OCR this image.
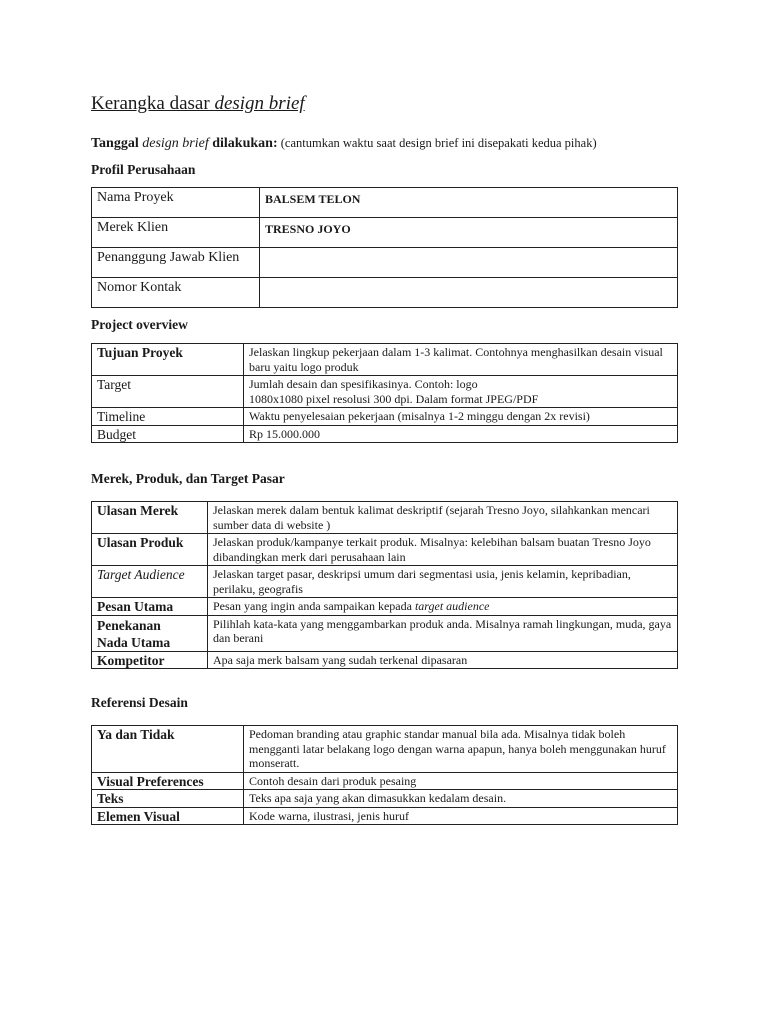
Kerangka dasar design brief
Tanggal design brief dilakukan: (cantumkan waktu saat design brief ini disepakati kedua pihak)
Profil Perusahaan
Nama Proyek	BALSEM TELON
Merek Klien	TRESNO JOYO
Penanggung Jawab Klien	
Nomor Kontak	
Project overview
Tujuan Proyek	Jelaskan lingkup pekerjaan dalam 1-3 kalimat. Contohnya menghasilkan desain visual baru yaitu logo produk
Target	Jumlah desain dan spesifikasinya. Contoh: logo
1080x1080 pixel resolusi 300 dpi. Dalam format JPEG/PDF
Timeline	Waktu penyelesaian pekerjaan (misalnya 1-2 minggu dengan 2x revisi)
Budget	Rp 15.000.000
Merek, Produk, dan Target Pasar
Ulasan Merek	Jelaskan merek dalam bentuk kalimat deskriptif (sejarah Tresno Joyo, silahkankan mencari sumber data di website )
Ulasan Produk	Jelaskan produk/kampanye terkait produk. Misalnya: kelebihan balsam buatan Tresno Joyo dibandingkan merk dari perusahaan lain
Target Audience	Jelaskan target pasar, deskripsi umum dari segmentasi usia, jenis kelamin, kepribadian, perilaku, geografis
Pesan Utama	Pesan yang ingin anda sampaikan kepada target audience
Penekanan
Nada Utama	Pilihlah kata-kata yang menggambarkan produk anda. Misalnya ramah lingkungan, muda, gaya dan berani
Kompetitor	Apa saja merk balsam yang sudah terkenal dipasaran
Referensi Desain
Ya dan Tidak	Pedoman branding atau graphic standar manual bila ada. Misalnya tidak boleh mengganti latar belakang logo dengan warna apapun, hanya boleh menggunakan huruf monseratt.
Visual Preferences	Contoh desain dari produk pesaing
Teks	Teks apa saja yang akan dimasukkan kedalam desain.
Elemen Visual	Kode warna, ilustrasi, jenis huruf
